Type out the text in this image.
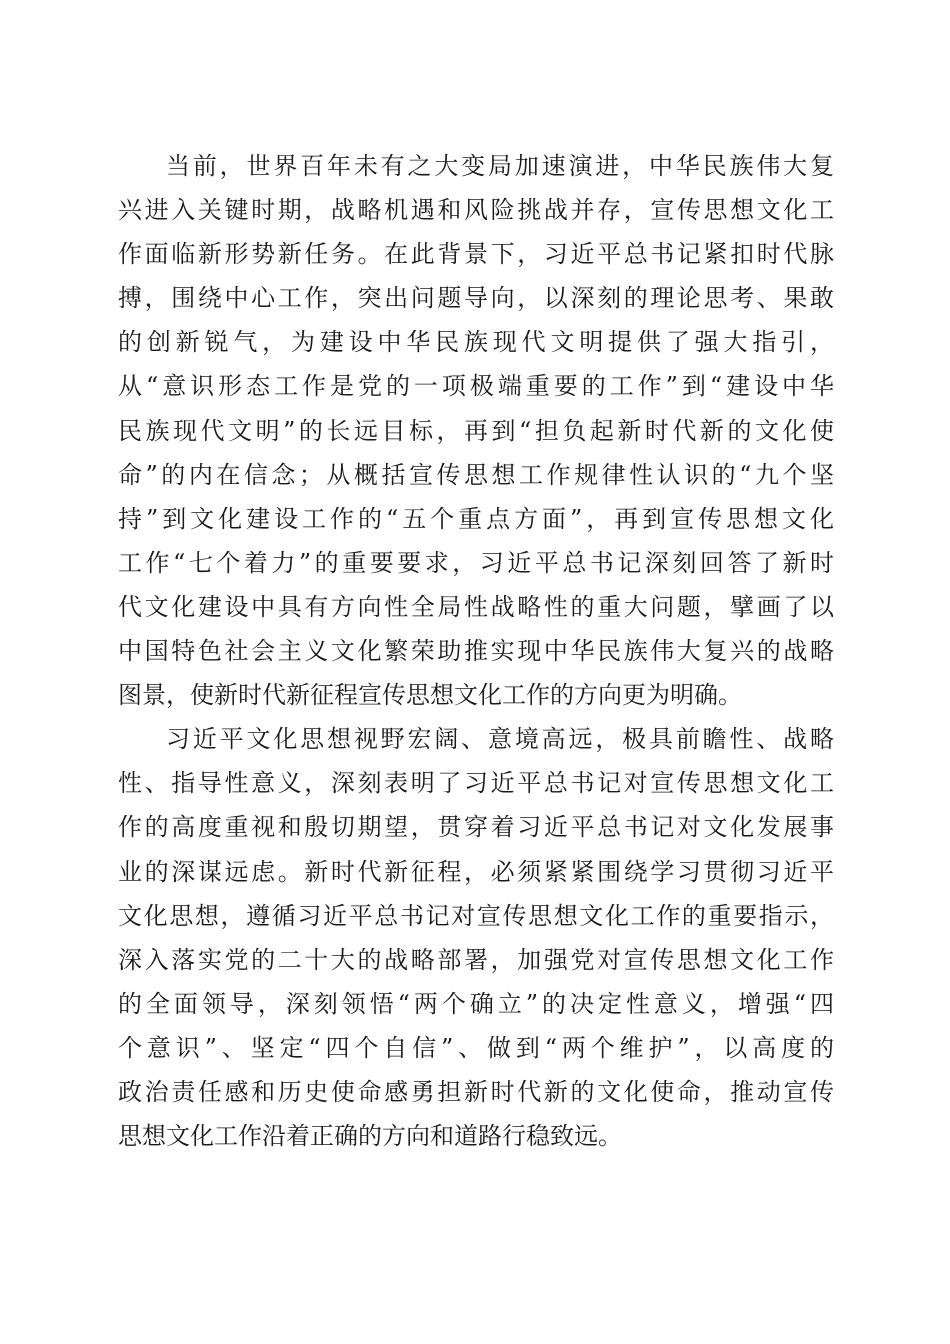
当前，世界百年未有之大变局加速演进，中华民族伟大复
兴进入关键时期，战略机遇和风险挑战并存，宣传思想文化工
作面临新形势新任务。在此背景下，习近平总书记紧扣时代脉
搏，围绕中心工作，突出问题导向，以深刻的理论思考、果敢
的创新锐气，为建设中华民族现代文明提供了强大指引，
从“意识形态工作是党的一项极端重要的工作”到“建设中华
民族现代文明”的长远目标，再到“担负起新时代新的文化使
命”的内在信念；从概括宣传思想工作规律性认识的“九个坚
持”到文化建设工作的“五个重点方面”，再到宣传思想文化
工作“七个着力”的重要要求，习近平总书记深刻回答了新时
代文化建设中具有方向性全局性战略性的重大问题，擘画了以
中国特色社会主义文化繁荣助推实现中华民族伟大复兴的战略
图景，使新时代新征程宣传思想文化工作的方向更为明确。
习近平文化思想视野宏阔、意境高远，极具前瞻性、战略
性、指导性意义，深刻表明了习近平总书记对宣传思想文化工
作的高度重视和殷切期望，贯穿着习近平总书记对文化发展事
业的深谋远虑。新时代新征程，必须紧紧围绕学习贯彻习近平
文化思想，遵循习近平总书记对宣传思想文化工作的重要指示，
深入落实党的二十大的战略部署，加强党对宣传思想文化工作
的全面领导，深刻领悟“两个确立”的决定性意义，增强“四
个意识”、坚定“四个自信”、做到“两个维护”，以高度的
政治责任感和历史使命感勇担新时代新的文化使命，推动宣传
思想文化工作沿着正确的方向和道路行稳致远。
